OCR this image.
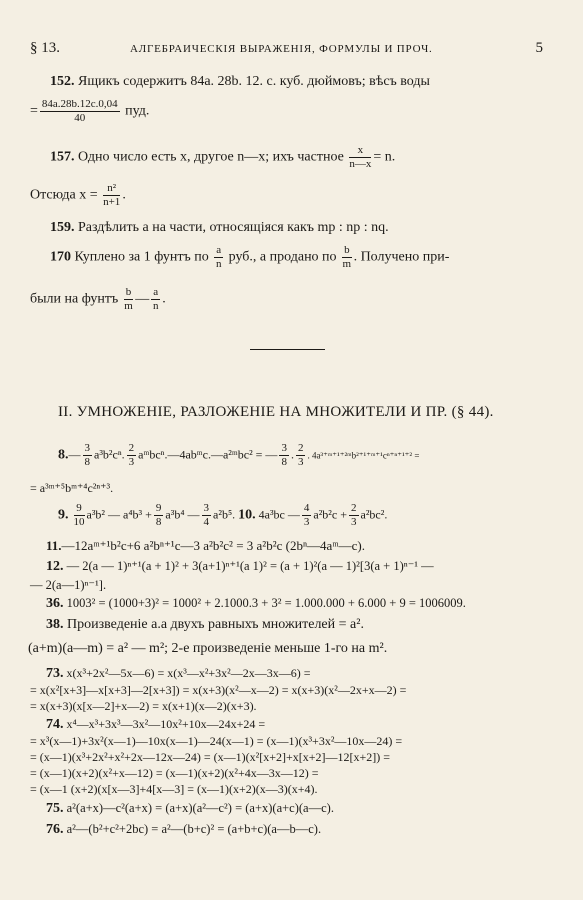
§ 13.	АЛГЕБРАИЧЕСКІЯ ВЫРАЖЕНІЯ, ФОРМУЛЫ И ПРОЧ.	5
152. Ящикъ содержитъ 84a. 28b. 12. c. куб. дюймовъ; вѣсъ воды
= $\frac{84a.28b.12c.0,04}{40}$ пуд.
157. Одно число есть x, другое n—x; ихъ частное $\frac{x}{n—x} = n$.
Отсюда $x = \frac{\text{n²}}{n+1}$ .
159. Раздѣлить a на части, относящіяся какъ mp : np : nq.
170 Куплено за 1 фунтъ по $\frac{a}{n}$ руб., а продано по $\frac{b}{m}$ . Получено при-
были на фунтъ $\frac{b}{m}$ — $\frac{a}{n}$ .
II. УМНОЖЕНІЕ, РАЗЛОЖЕНІЕ НА МНОЖИТЕЛИ И ПР. (§ 44).
8.— $\frac{3}{8} a^3b^2c^n$. $\frac{2}{3}$ aᵐbcⁿ.—4abᵐc.—a²ᵐbc² = — $\frac{3}{8}$ . $\frac{2}{3}$ . 4a³⁺ᵐ⁺¹⁺²ᵐb²⁺¹⁺ᵐ⁺¹cⁿ⁺ⁿ⁺¹⁺² =
= a³ᵐ⁺⁵bᵐ⁺⁴c²ⁿ⁺³.
9. $\frac{9}{10} a^3b^2$ — $a^4b^3 + \frac{9}{8} a^3b^4$ — $\frac{3}{4} a^2b^5$. 10. 4a³bc — $\frac{4}{3} a^2b^2c + \frac{2}{3} a^2bc^2$.
11.—12aᵐ⁺¹b²c+6 a²bⁿ⁺¹c—3 a²b²c² = 3 a²b²c (2bⁿ—4aᵐ—c).
12. — 2(a — 1)ⁿ⁺¹(a + 1)² + 3(a+1)ⁿ⁺¹(a 1)² = (a + 1)²(a — 1)²[3(a + 1)ⁿ⁻¹ —
— 2(a—1)ⁿ⁻¹].
36. 1003² = (1000+3)² = 1000² + 2.1000.3 + 3² = 1.000.000 + 6.000 + 9 = 1006009.
38. Произведеніе a.a двухъ равныхъ множителей = a².
(a+m)(a—m) = a² — m²; 2-е произведеніе меньше 1-го на m².
73. x(x³+2x²—5x—6) = x(x³—x²+3x²—2x—3x—6) =
= x(x²[x+3]—x[x+3]—2[x+3]) = x(x+3)(x²—x—2) = x(x+3)(x²—2x+x—2) =
= x(x+3)(x[x—2]+x—2) = x(x+1)(x—2)(x+3).
74. x⁴—x³+3x³—3x²—10x²+10x—24x+24 =
= x³(x—1)+3x²(x—1)—10x(x—1)—24(x—1) = (x—1)(x³+3x²—10x—24) =
= (x—1)(x³+2x²+x²+2x—12x—24) = (x—1)(x²[x+2]+x[x+2]—12[x+2]) =
= (x—1)(x+2)(x²+x—12) = (x—1)(x+2)(x²+4x—3x—12) =
= (x—1 (x+2)(x[x—3]+4[x—3] = (x—1)(x+2)(x—3)(x+4).
75. a²(a+x)—c²(a+x) = (a+x)(a²—c²) = (a+x)(a+c)(a—c).
76. a²—(b²+c²+2bc) = a²—(b+c)² = (a+b+c)(a—b—c).
